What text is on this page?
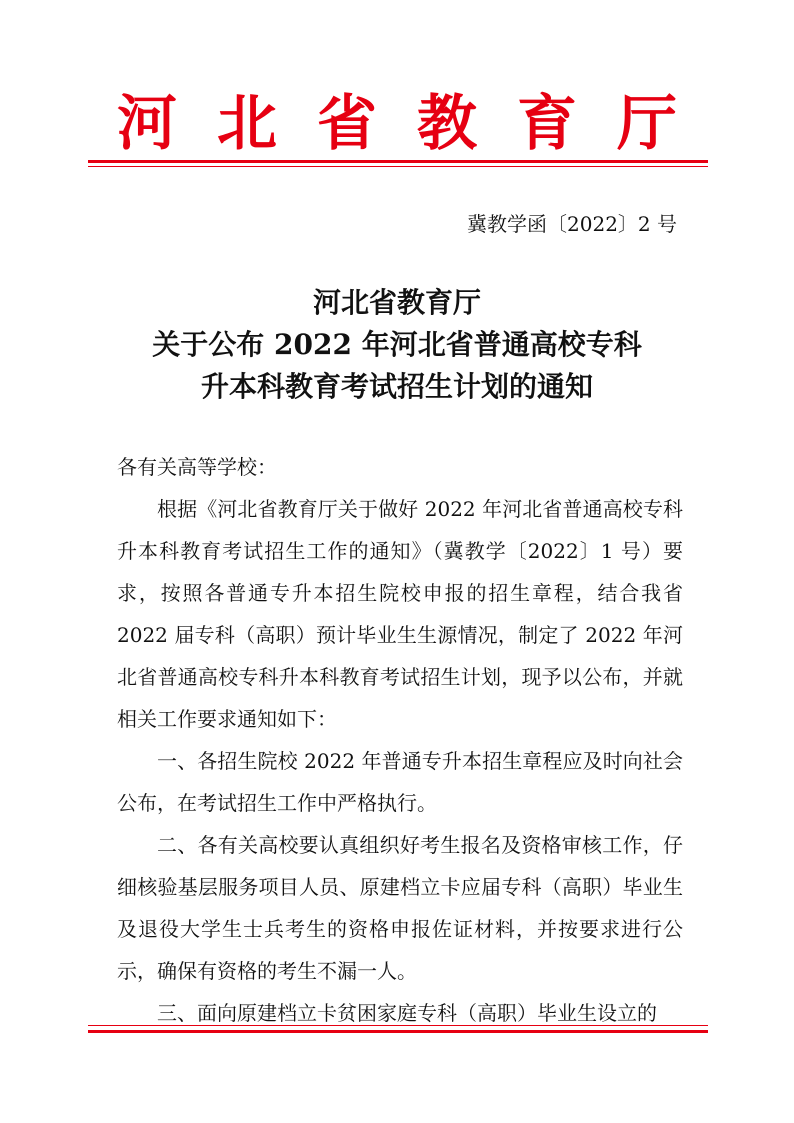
河北省教育厅
冀教学函〔2022〕2 号
河北省教育厅
关于公布 2022 年河北省普通高校专科
升本科教育考试招生计划的通知

各有关高等学校：

根据《河北省教育厅关于做好 2022 年河北省普通高校专科升本科教育考试招生工作的通知》（冀教学〔2022〕1 号）要求，按照各普通专升本招生院校申报的招生章程，结合我省 2022 届专科（高职）预计毕业生生源情况，制定了 2022 年河北省普通高校专科升本科教育考试招生计划，现予以公布，并就相关工作要求通知如下：

一、各招生院校 2022 年普通专升本招生章程应及时向社会公布，在考试招生工作中严格执行。

二、各有关高校要认真组织好考生报名及资格审核工作，仔细核验基层服务项目人员、原建档立卡应届专科（高职）毕业生及退役大学生士兵考生的资格申报佐证材料，并按要求进行公示，确保有资格的考生不漏一人。

三、面向原建档立卡贫困家庭专科（高职）毕业生设立的
